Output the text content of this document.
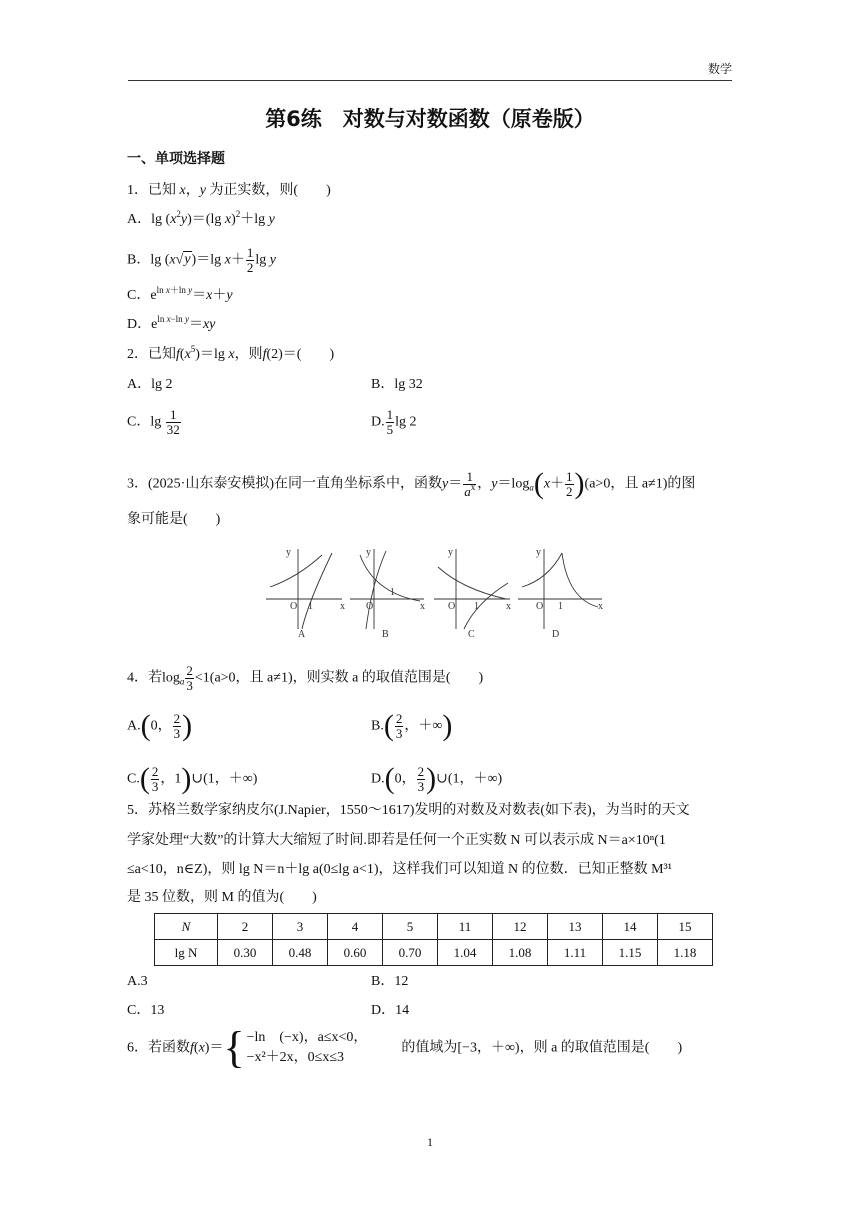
数学
第6练　对数与对数函数（原卷版）
一、单项选择题
1．已知 x，y 为正实数，则(　　)
A．$\lg (x^2y)=(\lg$ x)$^2$＋lg y
B．lg (x√y)＝lg $x+ \frac{1}{2}$ lg y
C．$e^{ln x+ln y}=x+y$
D．$e^{ln x-ln y}=xy$
2．已知$f(x^5)=\lg$ x，则f(2)＝(　　)
A．lg 2	B．lg 32
C．$\lg \frac{1}{32}$	D. $\frac{1}{5}$ lg 2
3．(2025·山东泰安模拟)在同一直角坐标系中，函数$y= \frac{1}{a^x}$ ，$y=\log_a(x+ \frac{1}{2} )(a>0$，且 a≠1)的图
象可能是(　　)
y
x
O 1
y
x
O
1
y
x
O 1
y
x
O 1
A	B	C	D
4．若$\log_a \frac{2}{3} <1(a>0$，且 a≠1)，则实数 a 的取值范围是(　　)
A.(0， $\frac{2}{3}$ )	$B.( \frac{2}{3}$ ，＋∞)
$C.( \frac{2}{3}$ ，1)∪(1，＋∞)	D.(0， $\frac{2}{3}$ )∪(1，＋∞)
5．苏格兰数学家纳皮尔(J.Napier，1550～1617)发明的对数及对数表(如下表)，为当时的天文
学家处理“大数”的计算大大缩短了时间.即若是任何一个正实数 N 可以表示成 N＝a×10ⁿ(1
≤a<10，n∈Z)，则 lg N＝n＋lg a(0≤lg a<1)，这样我们可以知道 N 的位数．已知正整数 M³¹
是 35 位数，则 M 的值为(　　)
N	2	3	4	5	11	12	13	14	15
lg N	0.30	0.48	0.60	0.70	1.04	1.08	1.11	1.15	1.18
A.3	B．12
C．13	D．14
6．若函数f(x)＝{ −ln　(−x)，a≤x<0，
−x²＋2x，0≤x≤3
的值域为[−3，＋∞)，则 a 的取值范围是(　　)
1
